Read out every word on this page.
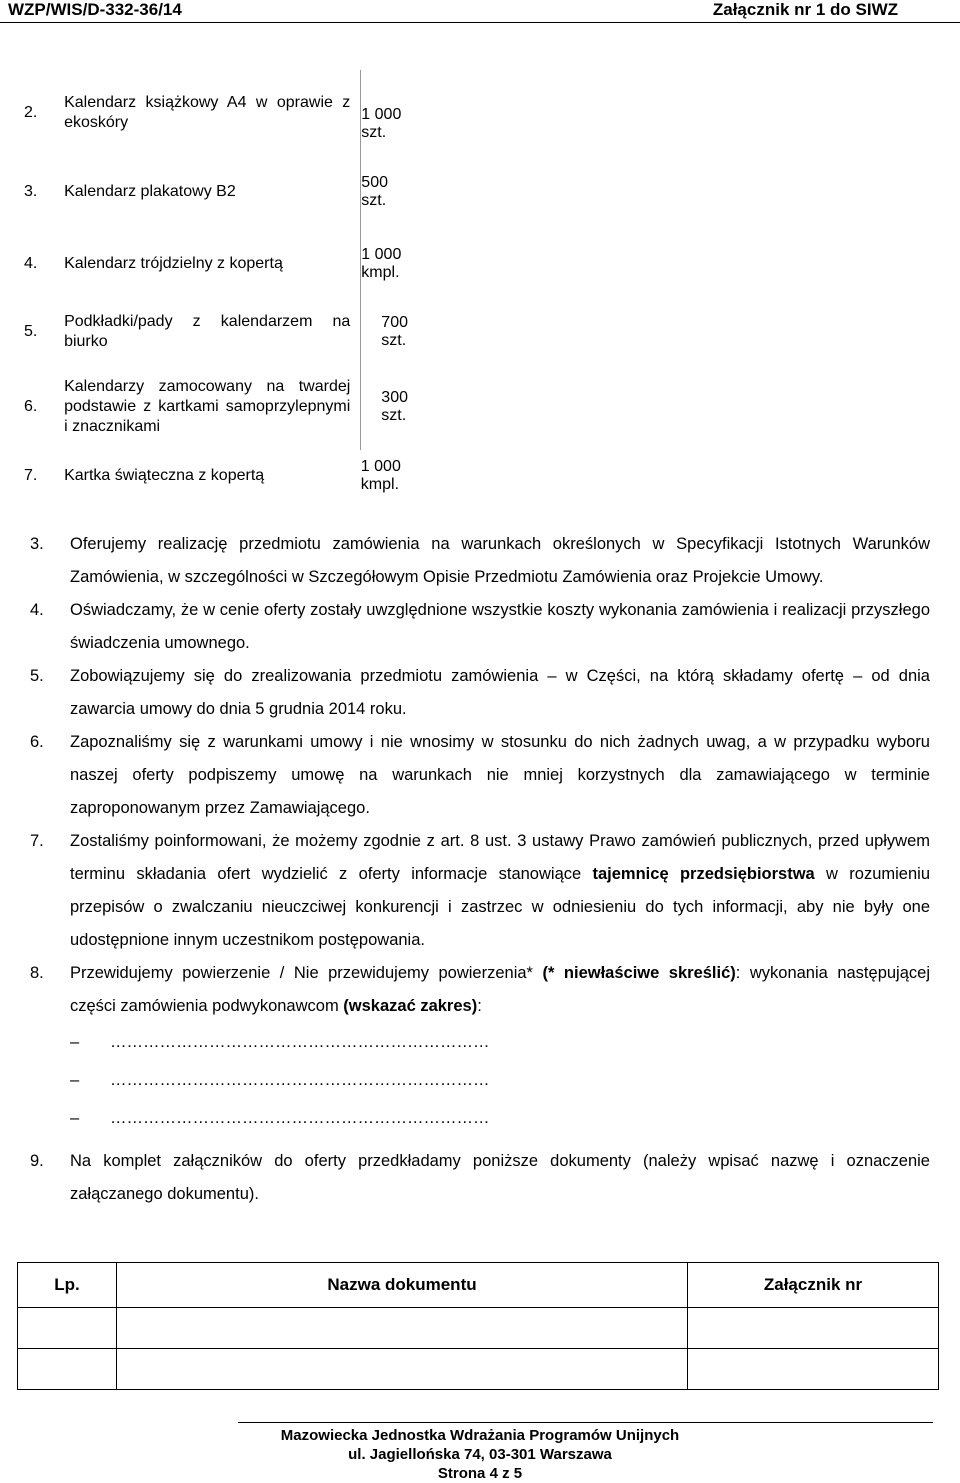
WZP/WIS/D-332-36/14	Załącznik nr 1 do SIWZ
2.	Kalendarz książkowy A4 w oprawie z ekoskóry	1 000 szt.

3.	Kalendarz plakatowy B2	500 szt.
4.	Kalendarz trójdzielny z kopertą	1 000 kmpl.
5.	Podkładki/pady z kalendarzem na biurko	700 szt.
6.	Kalendarzy zamocowany na twardej podstawie z kartkami samoprzylepnymi i znacznikami	300 szt.
7.	Kartka świąteczna z kopertą	1 000 kmpl.
3.	Oferujemy realizację przedmiotu zamówienia na warunkach określonych w Specyfikacji Istotnych Warunków Zamówienia, w szczególności w Szczegółowym Opisie Przedmiotu Zamówienia oraz Projekcie Umowy.
4.	Oświadczamy, że w cenie oferty zostały uwzględnione wszystkie koszty wykonania zamówienia i realizacji przyszłego świadczenia umownego.
5.	Zobowiązujemy się do zrealizowania przedmiotu zamówienia – w Części, na którą składamy ofertę – od dnia zawarcia umowy do dnia 5 grudnia 2014 roku.
6.	Zapoznaliśmy się z warunkami umowy i nie wnosimy w stosunku do nich żadnych uwag, a w przypadku wyboru naszej oferty podpiszemy umowę na warunkach nie mniej korzystnych dla zamawiającego w terminie zaproponowanym przez Zamawiającego.
7.	Zostaliśmy poinformowani, że możemy zgodnie z art. 8 ust. 3 ustawy Prawo zamówień publicznych, przed upływem terminu składania ofert wydzielić z oferty informacje stanowiące tajemnicę przedsiębiorstwa w rozumieniu przepisów o zwalczaniu nieuczciwej konkurencji i zastrzec w odniesieniu do tych informacji, aby nie były one udostępnione innym uczestnikom postępowania.
8.	Przewidujemy powierzenie / Nie przewidujemy powierzenia* (* niewłaściwe skreślić): wykonania następującej części zamówienia podwykonawcom (wskazać zakres):
–	……………………………………………………………
–	……………………………………………………………
–	……………………………………………………………
9.	Na komplet załączników do oferty przedkładamy poniższe dokumenty (należy wpisać nazwę i oznaczenie załączanego dokumentu).
Lp.	Nazwa dokumentu	Załącznik nr

Mazowiecka Jednostka Wdrażania Programów Unijnych
ul. Jagiellońska 74, 03-301 Warszawa
Strona 4 z 5
